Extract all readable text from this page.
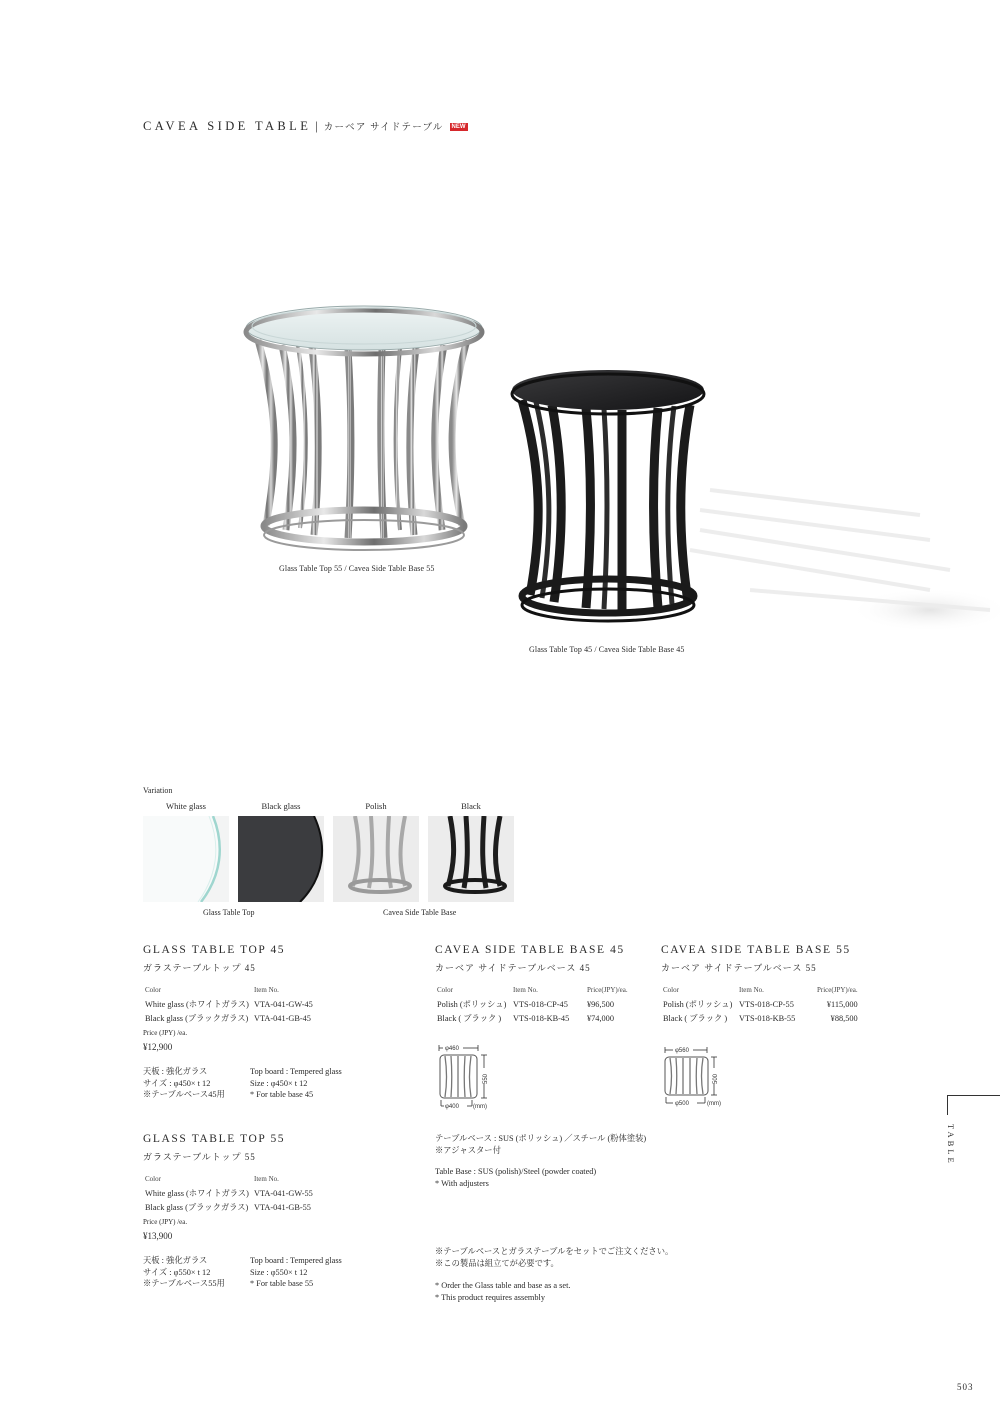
CAVEA SIDE TABLE | カーベア サイドテーブル NEW
Glass Table Top 55 / Cavea Side Table Base 55
Glass Table Top 45 / Cavea Side Table Base 45
Variation
White glass	Black glass	Polish	Black
Glass Table Top	Cavea Side Table Base
GLASS TABLE TOP 45
ガラステーブルトップ 45
Color	Item No.
White glass (ホワイトガラス)	VTA-041-GW-45
Black glass (ブラックガラス)	VTA-041-GB-45
Price (JPY) /ea.
¥12,900
天板 : 強化ガラス
サイズ : φ450× t 12
※テーブルベース45用
Top board : Tempered glass
Size : φ450× t 12
* For table base 45
GLASS TABLE TOP 55
ガラステーブルトップ 55
Color	Item No.
White glass (ホワイトガラス)	VTA-041-GW-55
Black glass (ブラックガラス)	VTA-041-GB-55
Price (JPY) /ea.
¥13,900
天板 : 強化ガラス
サイズ : φ550× t 12
※テーブルベース55用
Top board : Tempered glass
Size : φ550× t 12
* For table base 55
CAVEA SIDE TABLE BASE 45
カーベア サイドテーブルベース 45
Color	Item No.	Price(JPY)/ea.
Polish (ポリッシュ)	VTS-018-CP-45	¥96,500
Black ( ブラック )	VTS-018-KB-45	¥74,000
φ460
550
φ400 (mm)
CAVEA SIDE TABLE BASE 55
カーベア サイドテーブルベース 55
Color	Item No.	Price(JPY)/ea.
Polish (ポリッシュ)	VTS-018-CP-55	¥115,000
Black ( ブラック )	VTS-018-KB-55	¥88,500
φ560
500
φ500	(mm)
テーブルベース : SUS (ポリッシュ) ／スチール (粉体塗装)
※アジャスター付
Table Base : SUS (polish)/Steel (powder coated)
* With adjusters
※テーブルベースとガラステーブルをセットでご注文ください。
※この製品は組立てが必要です。
* Order the Glass table and base as a set.
* This product requires assembly
TABLE
503
